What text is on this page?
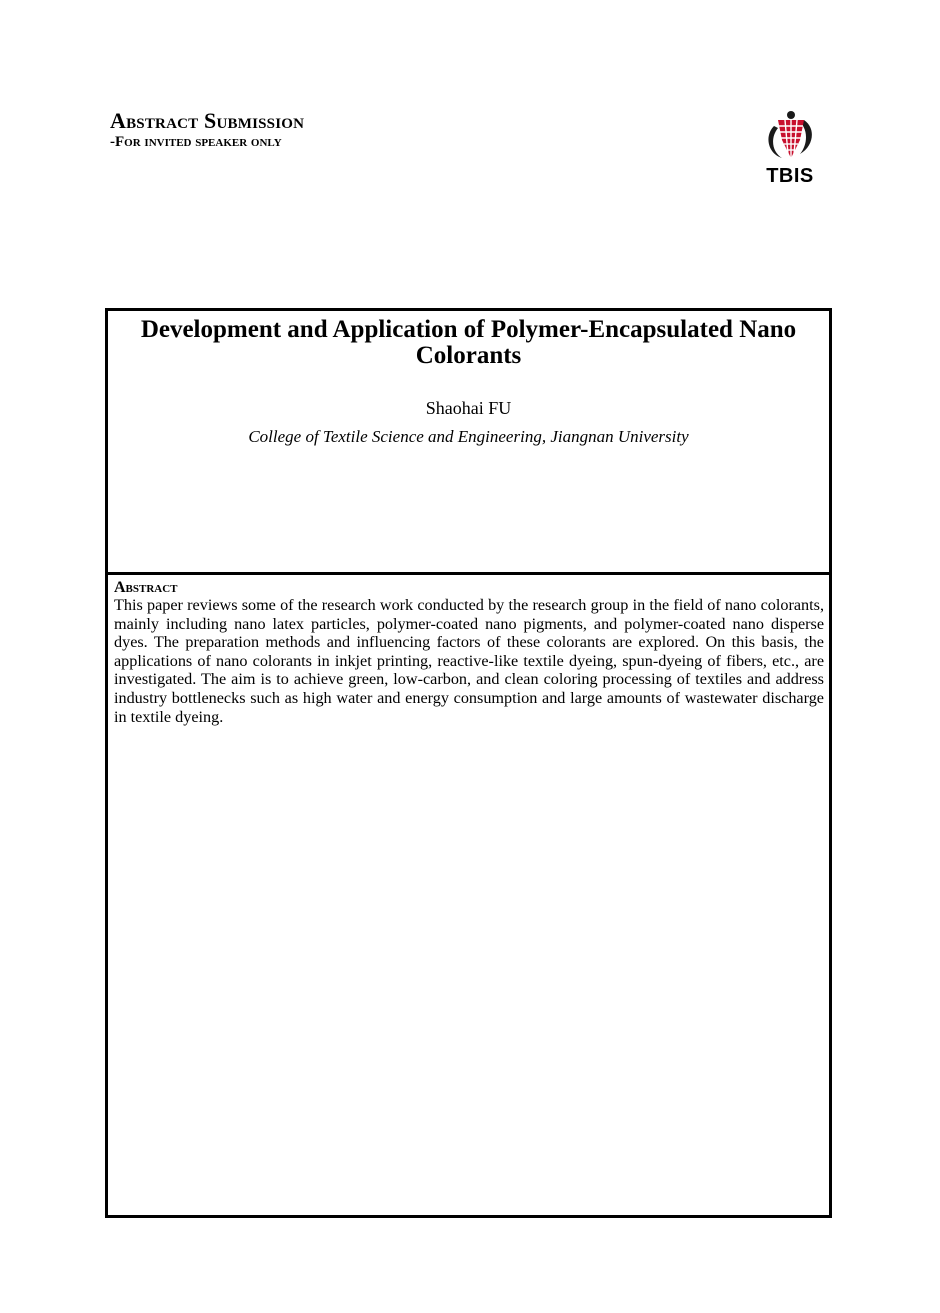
Abstract Submission
-For invited speaker only
TBIS
Development and Application of Polymer-Encapsulated Nano Colorants
Shaohai FU
College of Textile Science and Engineering, Jiangnan University
Abstract

This paper reviews some of the research work conducted by the research group in the field of nano colorants, mainly including nano latex particles, polymer-coated nano pigments, and polymer-coated nano disperse dyes. The preparation methods and influencing factors of these colorants are explored. On this basis, the applications of nano colorants in inkjet printing, reactive-like textile dyeing, spun-dyeing of fibers, etc., are investigated. The aim is to achieve green, low-carbon, and clean coloring processing of textiles and address industry bottlenecks such as high water and energy consumption and large amounts of wastewater discharge in textile dyeing.
